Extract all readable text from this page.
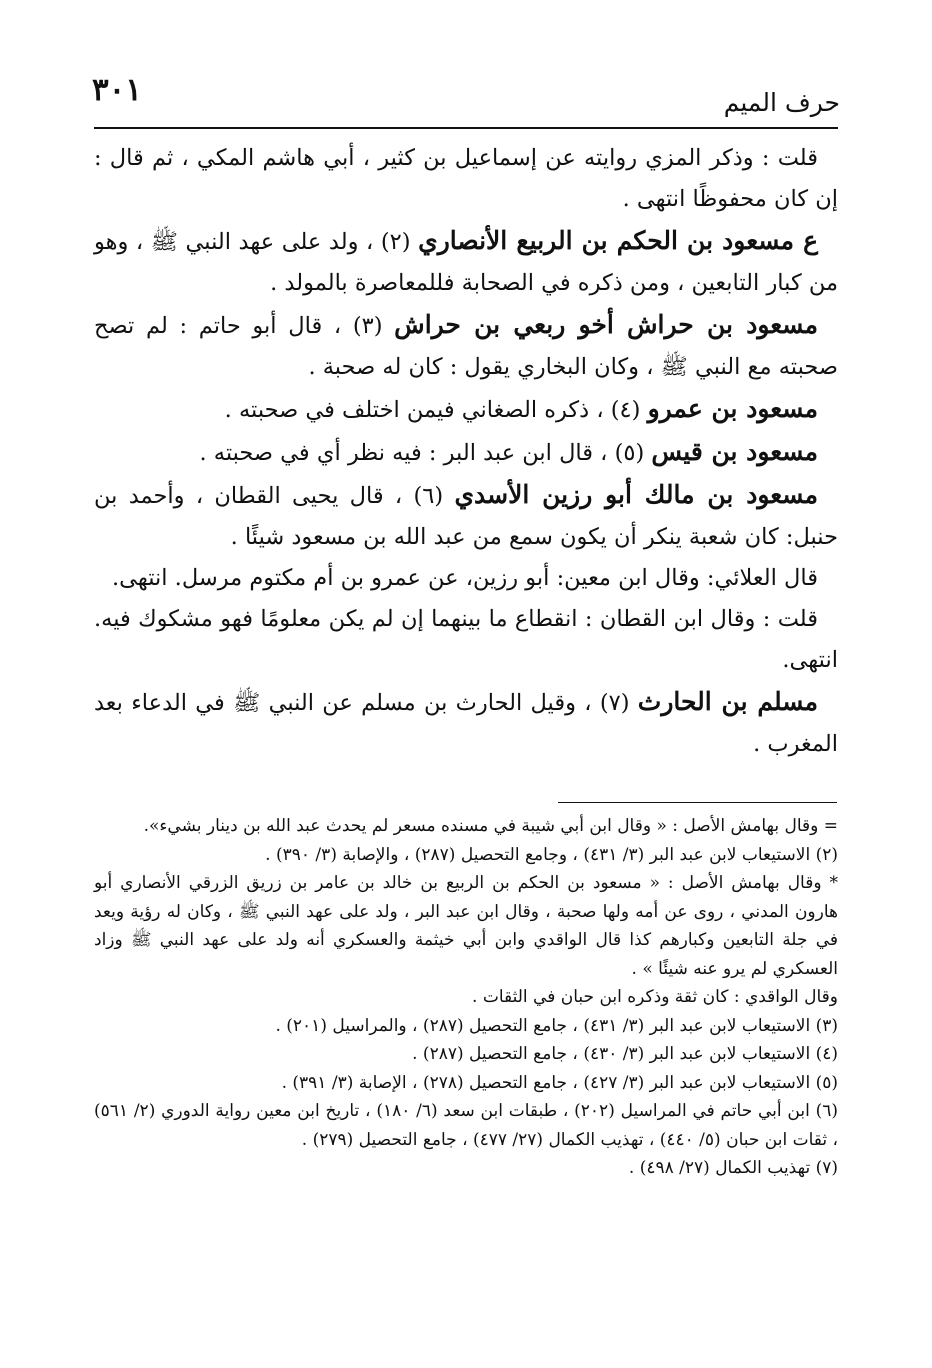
٣٠١	حرف الميم

قلت : وذكر المزي روايته عن إسماعيل بن كثير ، أبي هاشم المكي ، ثم قال : إن كان محفوظًا انتهى .

ع مسعود بن الحكم بن الربيع الأنصاري (٢) ، ولد على عهد النبي ﷺ ، وهو من كبار التابعين ، ومن ذكره في الصحابة فللمعاصرة بالمولد .

مسعود بن حراش أخو ربعي بن حراش (٣) ، قال أبو حاتم : لم تصح صحبته مع النبي ﷺ ، وكان البخاري يقول : كان له صحبة .

مسعود بن عمرو (٤) ، ذكره الصغاني فيمن اختلف في صحبته .

مسعود بن قيس (٥) ، قال ابن عبد البر : فيه نظر أي في صحبته .

مسعود بن مالك أبو رزين الأسدي (٦) ، قال يحيى القطان ، وأحمد بن حنبل: كان شعبة ينكر أن يكون سمع من عبد الله بن مسعود شيئًا .

قال العلائي: وقال ابن معين: أبو رزين، عن عمرو بن أم مكتوم مرسل. انتهى.

قلت : وقال ابن القطان : انقطاع ما بينهما إن لم يكن معلومًا فهو مشكوك فيه. انتهى.

مسلم بن الحارث (٧) ، وقيل الحارث بن مسلم عن النبي ﷺ في الدعاء بعد المغرب .

= وقال بهامش الأصل : « وقال ابن أبي شيبة في مسنده مسعر لم يحدث عبد الله بن دينار بشيء».

(٢) الاستيعاب لابن عبد البر (٣/ ٤٣١) ، وجامع التحصيل (٢٨٧) ، والإصابة (٣/ ٣٩٠) .

* وقال بهامش الأصل : « مسعود بن الحكم بن الربيع بن خالد بن عامر بن زريق الزرقي الأنصاري أبو هارون المدني ، روى عن أمه ولها صحبة ، وقال ابن عبد البر ، ولد على عهد النبي ﷺ ، وكان له رؤية ويعد في جلة التابعين وكبارهم كذا قال الواقدي وابن أبي خيثمة والعسكري أنه ولد على عهد النبي ﷺ وزاد العسكري لم يرو عنه شيئًا » .

وقال الواقدي : كان ثقة وذكره ابن حبان في الثقات .

(٣) الاستيعاب لابن عبد البر (٣/ ٤٣١) ، جامع التحصيل (٢٨٧) ، والمراسيل (٢٠١) .

(٤) الاستيعاب لابن عبد البر (٣/ ٤٣٠) ، جامع التحصيل (٢٨٧) .

(٥) الاستيعاب لابن عبد البر (٣/ ٤٢٧) ، جامع التحصيل (٢٧٨) ، الإصابة (٣/ ٣٩١) .

(٦) ابن أبي حاتم في المراسيل (٢٠٢) ، طبقات ابن سعد (٦/ ١٨٠) ، تاريخ ابن معين رواية الدوري (٢/ ٥٦١) ، ثقات ابن حبان (٥/ ٤٤٠) ، تهذيب الكمال (٢٧/ ٤٧٧) ، جامع التحصيل (٢٧٩) .

(٧) تهذيب الكمال (٢٧/ ٤٩٨) .
